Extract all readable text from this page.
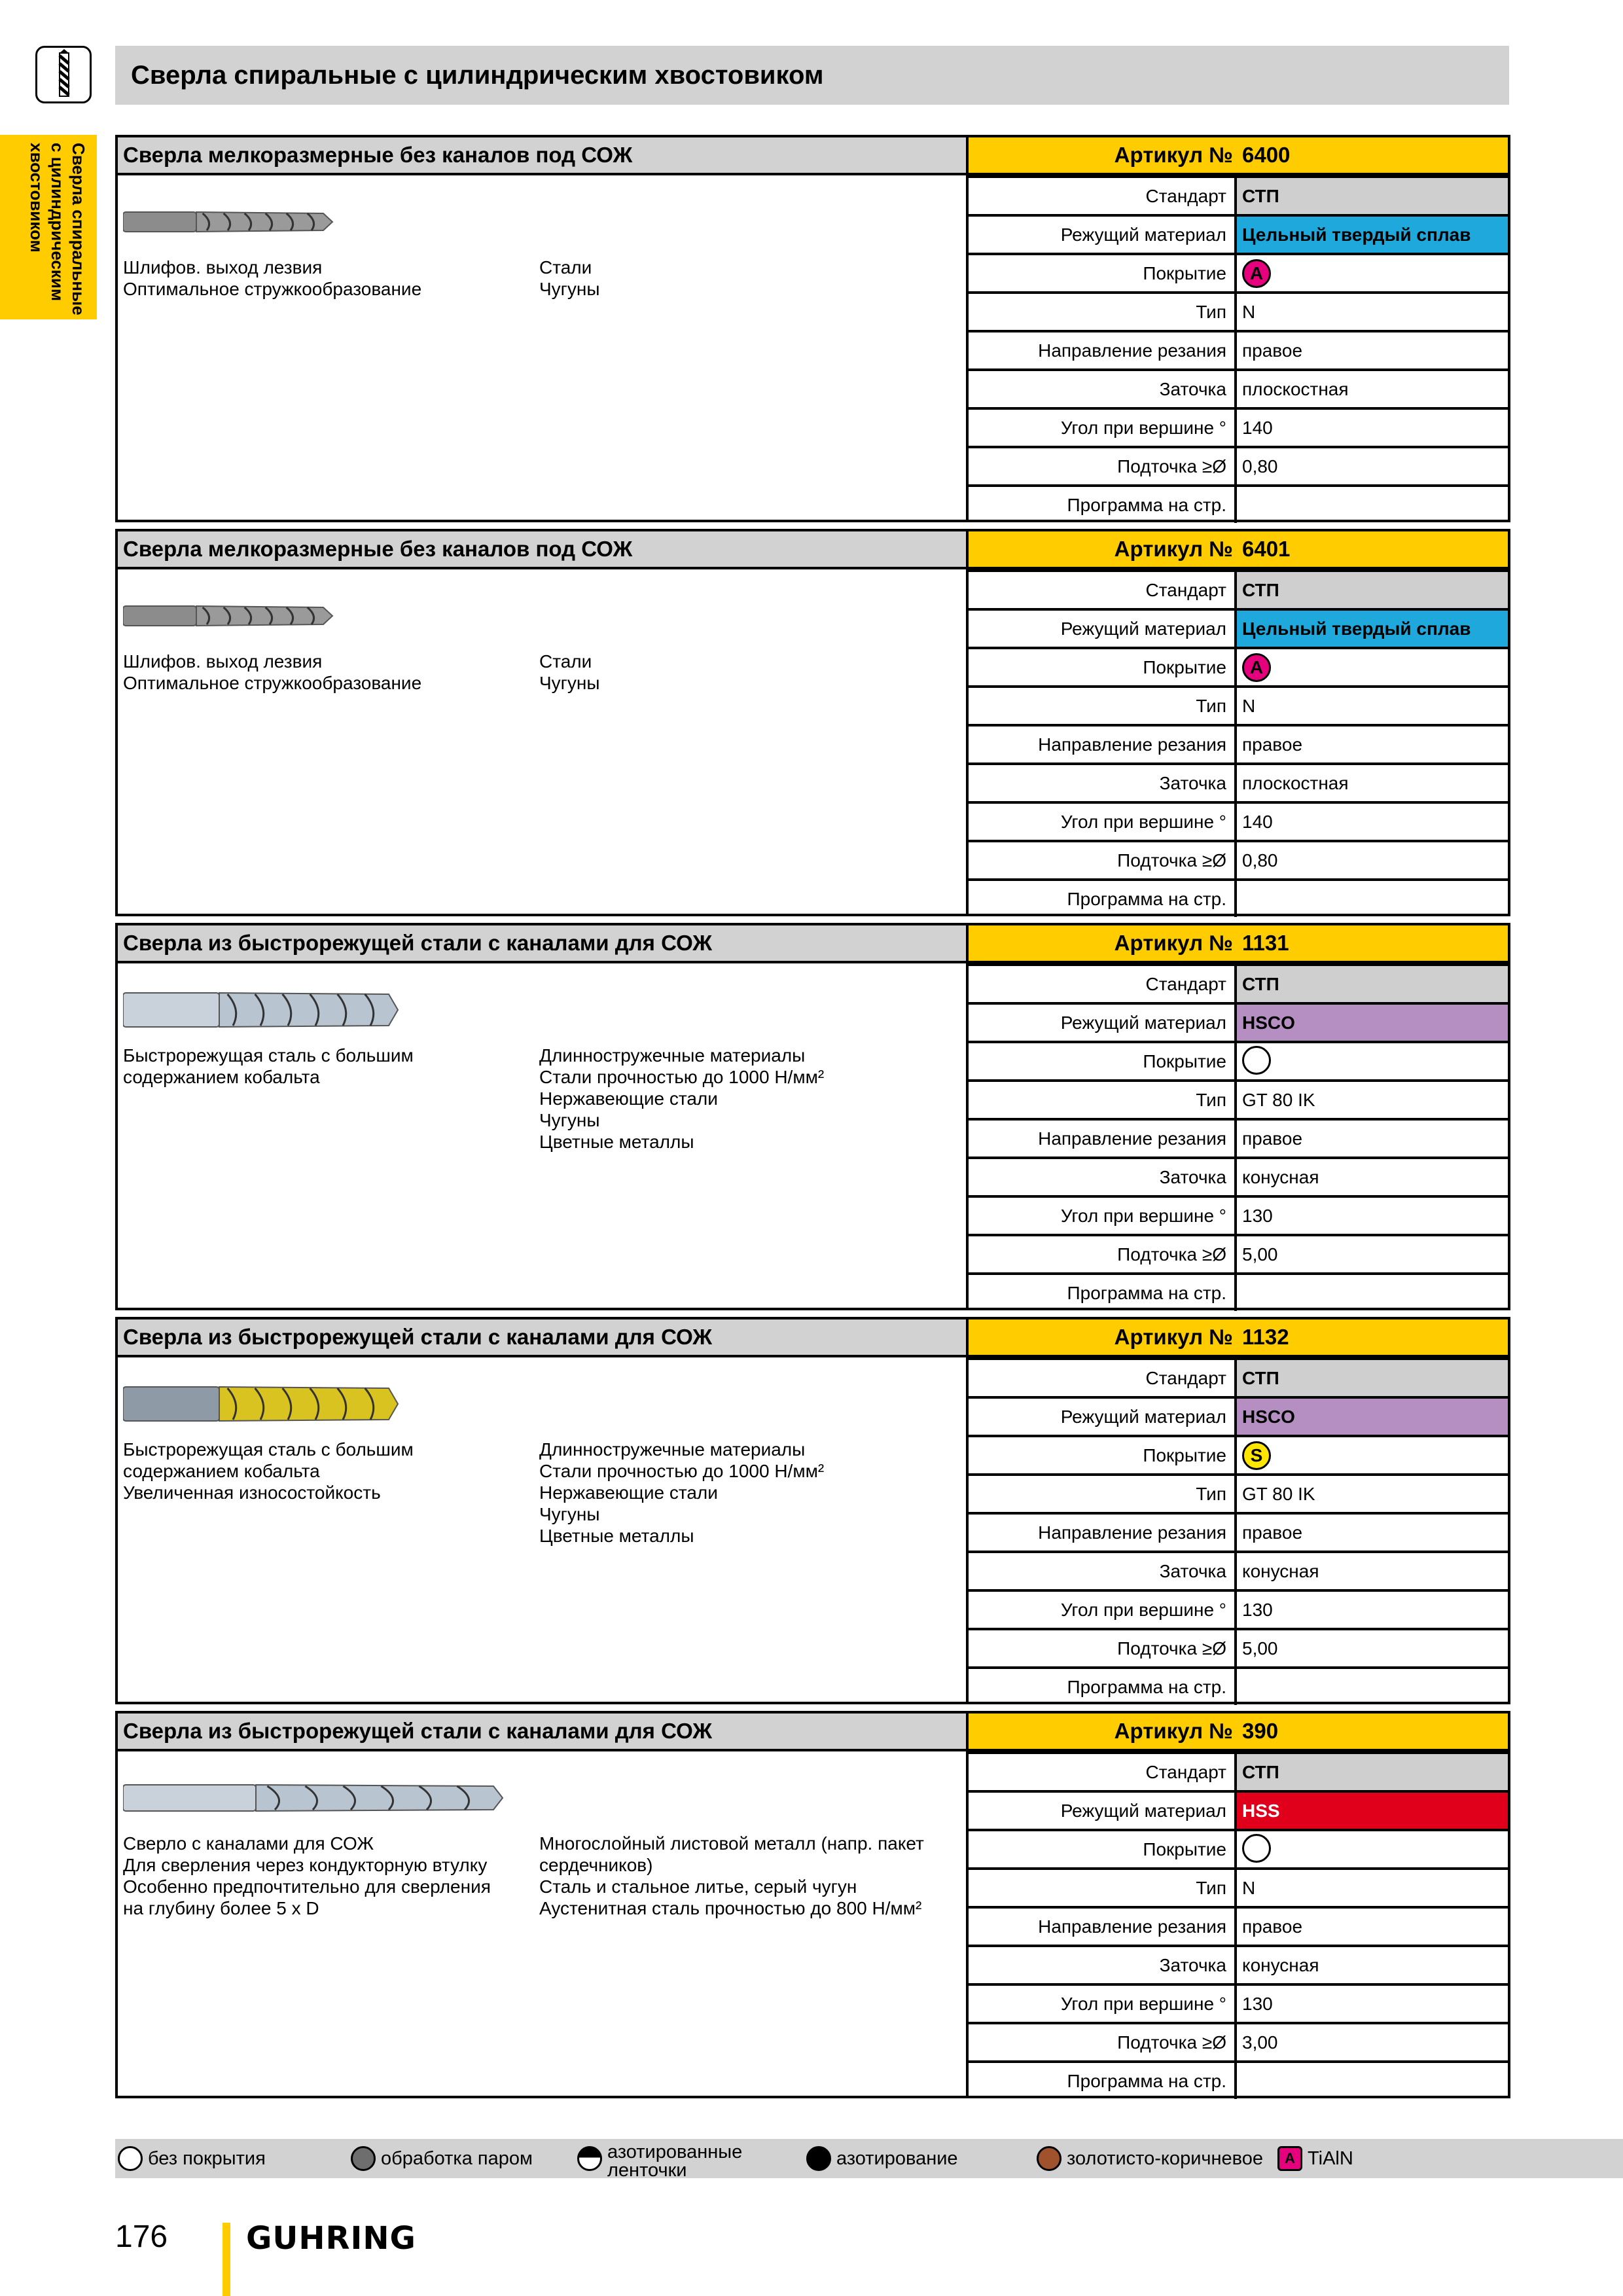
Сверла спиральные с цилиндрическим хвостовиком
Сверла спиральные
с цилиндрическим
хвостовиком	Сверла мелкоразмерные без каналов под СОЖ	Артикул № 6400
Шлифов. выход лезвия
Оптимальное стружкообразование
Стали
Чугуны
Стандарт СТП
Режущий материал Цельный твердый сплав
Покрытие	A
Тип N
Направление резания правое
Заточка плоскостная
Угол при вершине ° 140
Подточка ≥Ø 0,80
Программа на стр.
Сверла мелкоразмерные без каналов под СОЖ	Артикул № 6401
Шлифов. выход лезвия
Оптимальное стружкообразование
Стали
Чугуны
Стандарт СТП
Режущий материал Цельный твердый сплав
Покрытие	A
Тип N
Направление резания правое
Заточка плоскостная
Угол при вершине ° 140
Подточка ≥Ø 0,80
Программа на стр.
Сверла из быстрорежущей стали с каналами для СОЖ	Артикул № 1131
Быстрорежущая сталь с большим
содержанием кобальта
Длинностружечные материалы
Стали прочностью до 1000 Н/мм²
Нержавеющие стали
Чугуны
Цветные металлы
Стандарт СТП
Режущий материал HSCO
Покрытие
Тип GT 80 IK
Направление резания правое
Заточка конусная
Угол при вершине ° 130
Подточка ≥Ø 5,00
Программа на стр.
Сверла из быстрорежущей стали с каналами для СОЖ	Артикул № 1132
Быстрорежущая сталь с большим
содержанием кобальта
Увеличенная износостойкость
Длинностружечные материалы
Стали прочностью до 1000 Н/мм²
Нержавеющие стали
Чугуны
Цветные металлы
Стандарт СТП
Режущий материал HSCO
Покрытие	S
Тип GT 80 IK
Направление резания правое
Заточка конусная
Угол при вершине ° 130
Подточка ≥Ø 5,00
Программа на стр.
Сверла из быстрорежущей стали с каналами для СОЖ	Артикул № 390
Сверло с каналами для СОЖ
Для сверления через кондукторную втулку
Особенно предпочтительно для сверления
на глубину более 5 x D
Многослойный листовой металл (напр. пакет
сердечников)
Сталь и стальное литье, серый чугун
Аустенитная сталь прочностью до 800 Н/мм²
Стандарт СТП
Режущий материал HSS
Покрытие
Тип N
Направление резания правое
Заточка конусная
Угол при вершине ° 130
Подточка ≥Ø 3,00
Программа на стр.
без покрытия	обработка паром	азотированные
ленточки
азотирование	золотисто-коричневое	A TiAlN
176 GUHRING
